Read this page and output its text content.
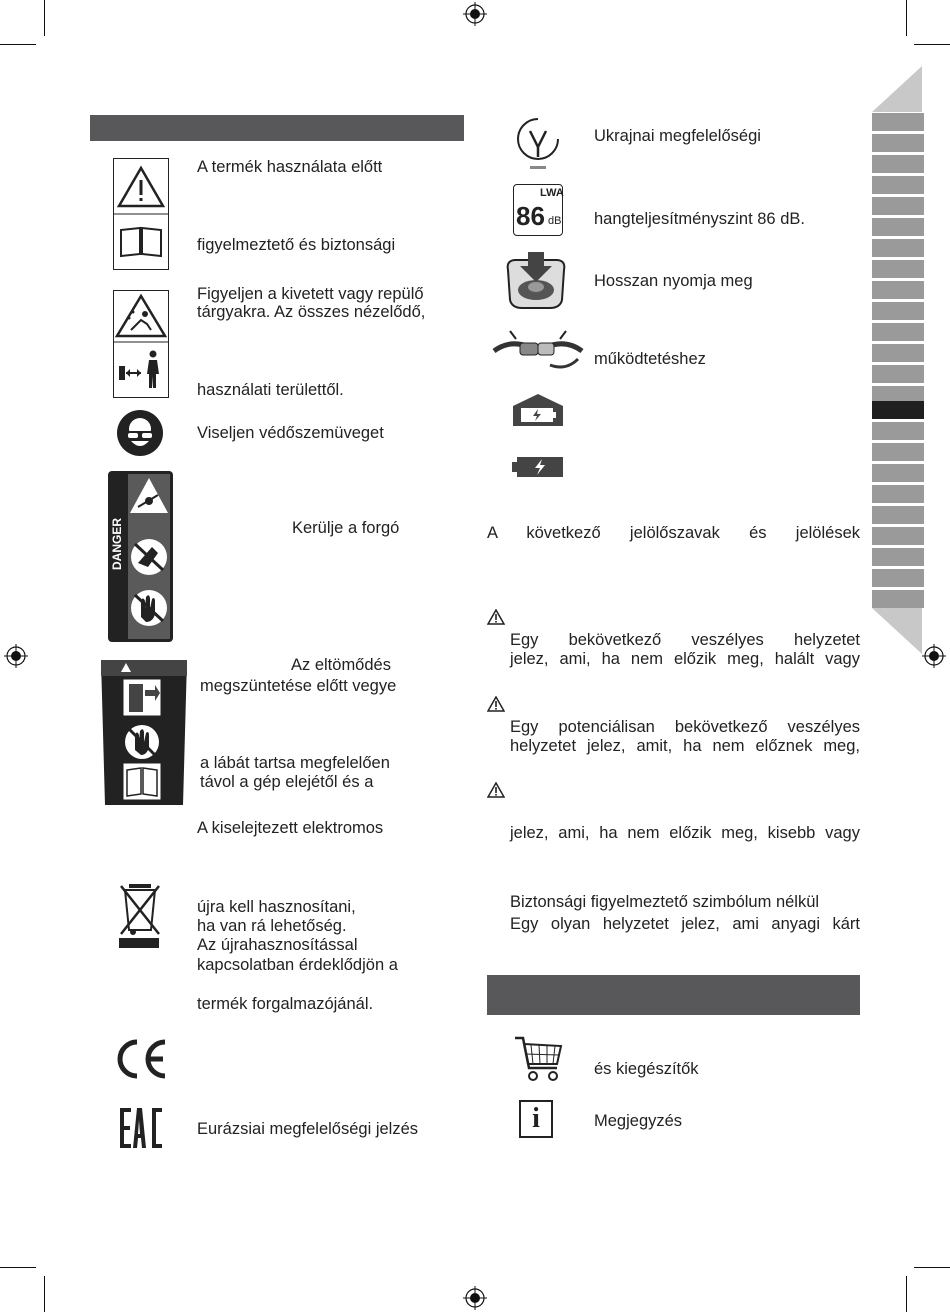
A termék használata előtt
figyelmeztető és biztonsági
Figyeljen a kivetett vagy repülő
tárgyakra. Az összes nézelődő,
használati területtől.
Viseljen védőszemüveget
DANGER	Kerülje a forgó
Az eltömődés
megszüntetése előtt vegye
a lábát tartsa megfelelően
távol a gép elejétől és a
A kiselejtezett elektromos
újra kell hasznosítani,
ha van rá lehetőség.
Az újrahasznosítással
kapcsolatban érdeklődjön a
termék forgalmazójánál.
Eurázsiai megfelelőségi jelzés
Ukrajnai megfelelőségi
LWA
86 dB hangteljesítményszint 86 dB.
Hosszan nyomja meg
működtetéshez
A következő jelölőszavak és jelölések
Egy bekövetkező veszélyes helyzetet
jelez, ami, ha nem előzik meg, halált vagy
Egy potenciálisan bekövetkező veszélyes
helyzetet jelez, amit, ha nem előznek meg,
jelez, ami, ha nem előzik meg, kisebb vagy
Biztonsági figyelmeztető szimbólum nélkül
Egy olyan helyzetet jelez, ami anyagi kárt
és kiegészítők
i	Megjegyzés
